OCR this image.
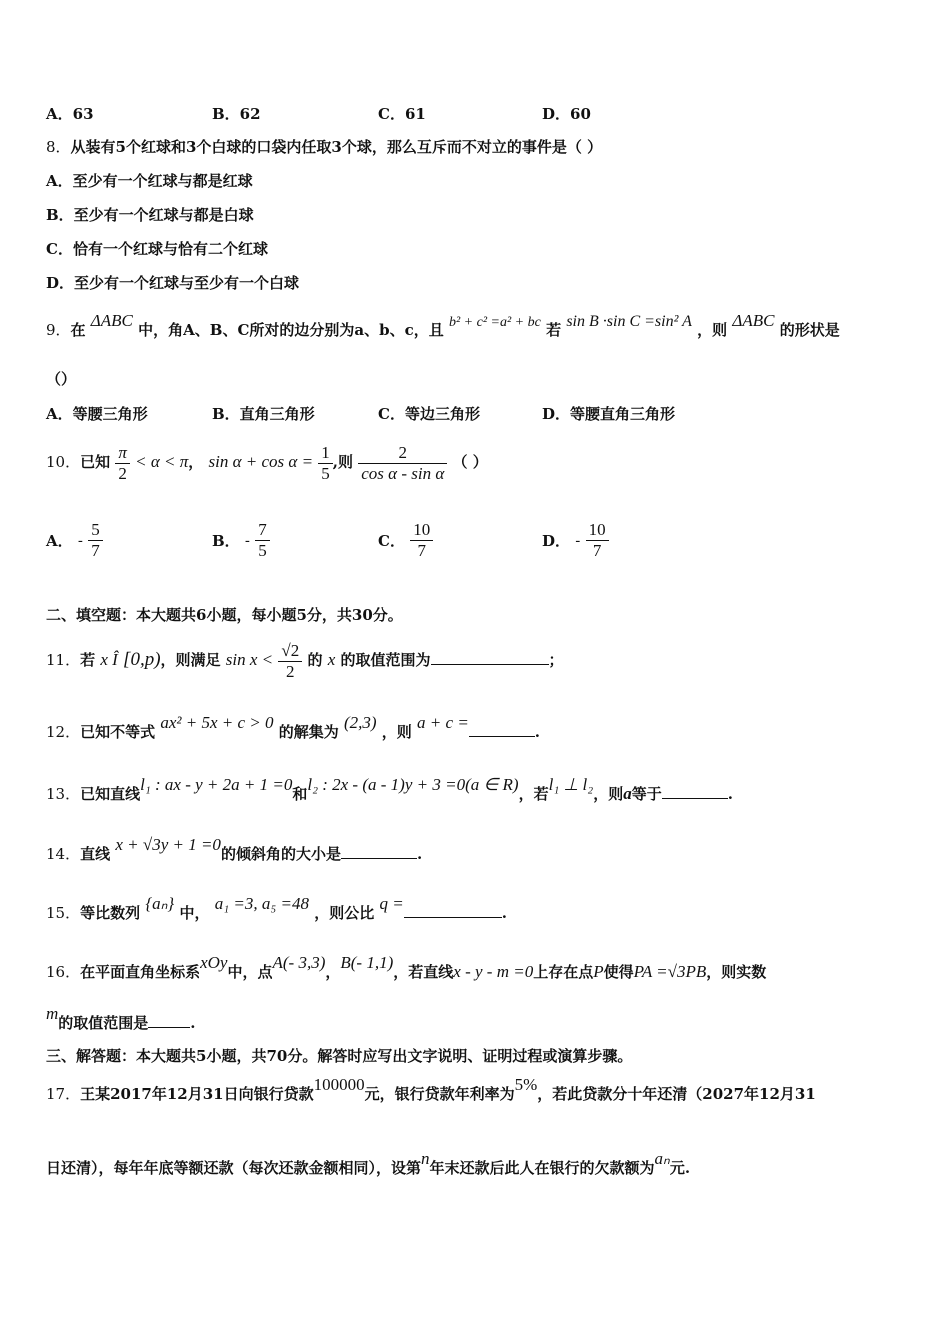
A．63	B．62	C．61	D．60
8．从装有5个红球和3个白球的口袋内任取3个球，那么互斥而不对立的事件是（ ）
A．至少有一个红球与都是红球
B．至少有一个红球与都是白球
C．恰有一个红球与恰有二个红球
D．至少有一个红球与至少有一个白球
9．在 ΔABC 中，角A、B、C所对的边分别为a、b、c，且 b² + c² =a² + bc 若 sin B ·sin C =sin² A ，则 ΔABC 的形状是
（）
A．等腰三角形	B．直角三角形	C．等边三角形	D．等腰直角三角形
10．已知 $\frac{\pi}{2} < \alpha < \pi$， $\sin \alpha + \cos \alpha = \frac{1}{5}$ ,则 $\frac{2}{\text{cos α - sin α}}$ （ ）
A． - $\frac{5}{7}$	B． - $\frac{7}{5}$	C． $\frac{10}{7}$	D． - $\frac{10}{7}$
二、填空题：本大题共6小题，每小题5分，共30分。
11．若 x Î [0,p)，则满足 $\sin x < \frac{√2}{2}$ 的 x 的取值范围为	；
12．已知不等式 ax² + 5x + c > 0 的解集为 (2,3) ，则 a + c =	.
13．已知直线l₁ : ax - y + 2a + 1 =0和l₂ : 2x - (a - 1)y + 3 =0(a ∈ R)，若l₁ ⊥ l₂，则a等于	.
14．直线 x + √3y + 1 =0的倾斜角的大小是	.
15．等比数列 {aₙ} 中， a₁ =3, a₅ =48 ，则公比 q =	.
16．在平面直角坐标系xOy中，点A(- 3,3)，B(- 1,1)，若直线x - y - m =0上存在点P使得PA =√3PB，则实数
m的取值范围是	.
三、解答题：本大题共5小题，共70分。解答时应写出文字说明、证明过程或演算步骤。
17．王某2017年12月31日向银行贷款100000元，银行贷款年利率为5%，若此贷款分十年还清（2027年12月31
日还清），每年年底等额还款（每次还款金额相同），设第n年末还款后此人在银行的欠款额为aₙ元.
